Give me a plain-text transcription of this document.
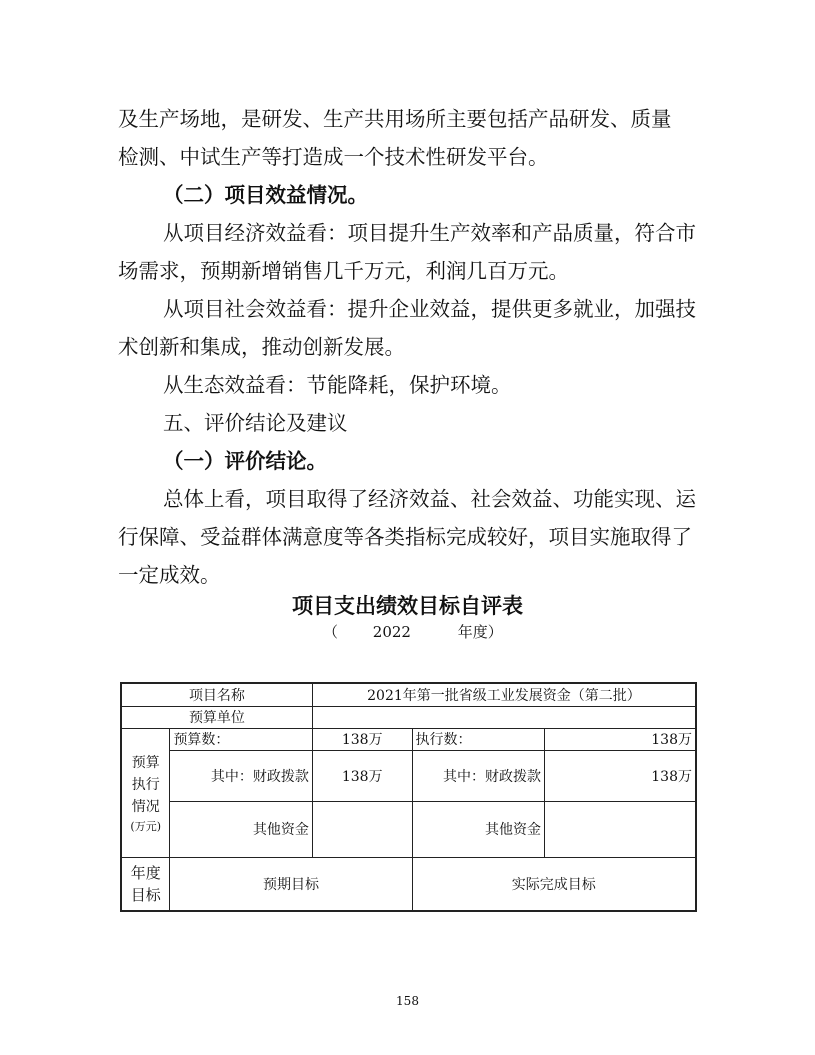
及生产场地，是研发、生产共用场所主要包括产品研发、质量

检测、中试生产等打造成一个技术性研发平台。

（二）项目效益情况。

从项目经济效益看：项目提升生产效率和产品质量，符合市场需求，预期新增销售几千万元，利润几百万元。

从项目社会效益看：提升企业效益，提供更多就业，加强技术创新和集成，推动创新发展。

从生态效益看：节能降耗，保护环境。

五、评价结论及建议

（一）评价结论。

总体上看，项目取得了经济效益、社会效益、功能实现、运行保障、受益群体满意度等各类指标完成较好，项目实施取得了一定成效。

项目支出绩效目标自评表
（ 2022	年度）
项目名称		2021年第一批省级工业发展资金（第二批）		
预算单位				

预算执行情况
(万元)	预算数：	138万	执行数：	138万
	其中：财政拨款	138万	其中：财政拨款	138万
	其他资金		其他资金	

年度目标	预期目标		实际完成目标	
158
